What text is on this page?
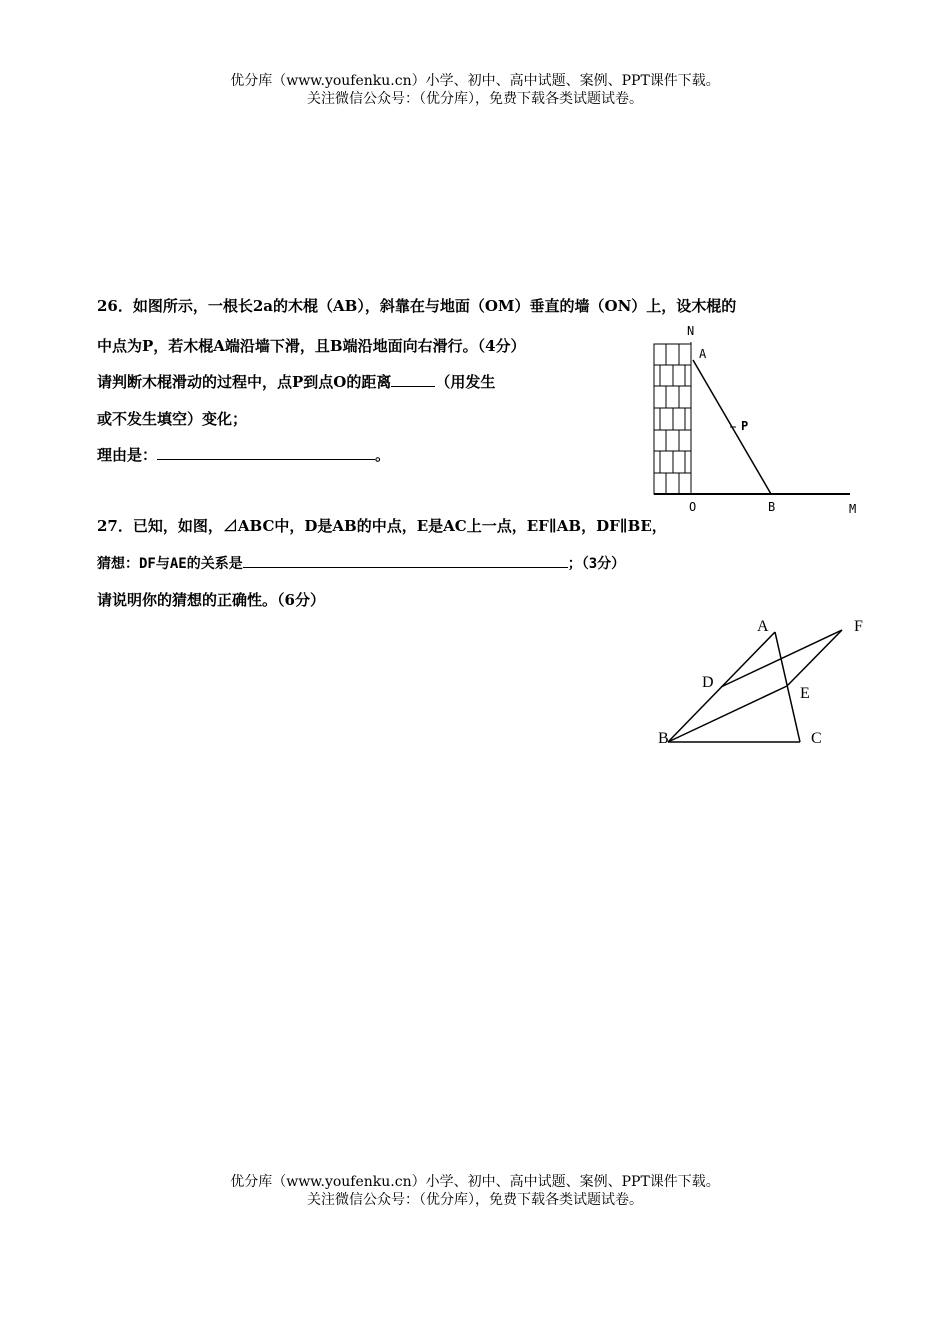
优分库（www.youfenku.cn）小学、初中、高中试题、案例、PPT课件下载。
关注微信公众号：（优分库），免费下载各类试题试卷。
26．如图所示，一根长2a的木棍（AB），斜靠在与地面（OM）垂直的墙（ON）上，设木棍的
中点为P，若木棍A端沿墙下滑，且B端沿地面向右滑行。（4分）
请判断木棍滑动的过程中，点P到点O的距离	（用发生
或不发生填空）变化；
理由是：	。
N
A
P
O	B	M
27．已知，如图，⊿ABC中，D是AB的中点，E是AC上一点，EF∥AB，DF∥BE，
猜想：DF与AE的关系是	；（3分）
请说明你的猜想的正确性。（6分）
A	F
D
E
B	C
优分库（www.youfenku.cn）小学、初中、高中试题、案例、PPT课件下载。
关注微信公众号：（优分库），免费下载各类试题试卷。
